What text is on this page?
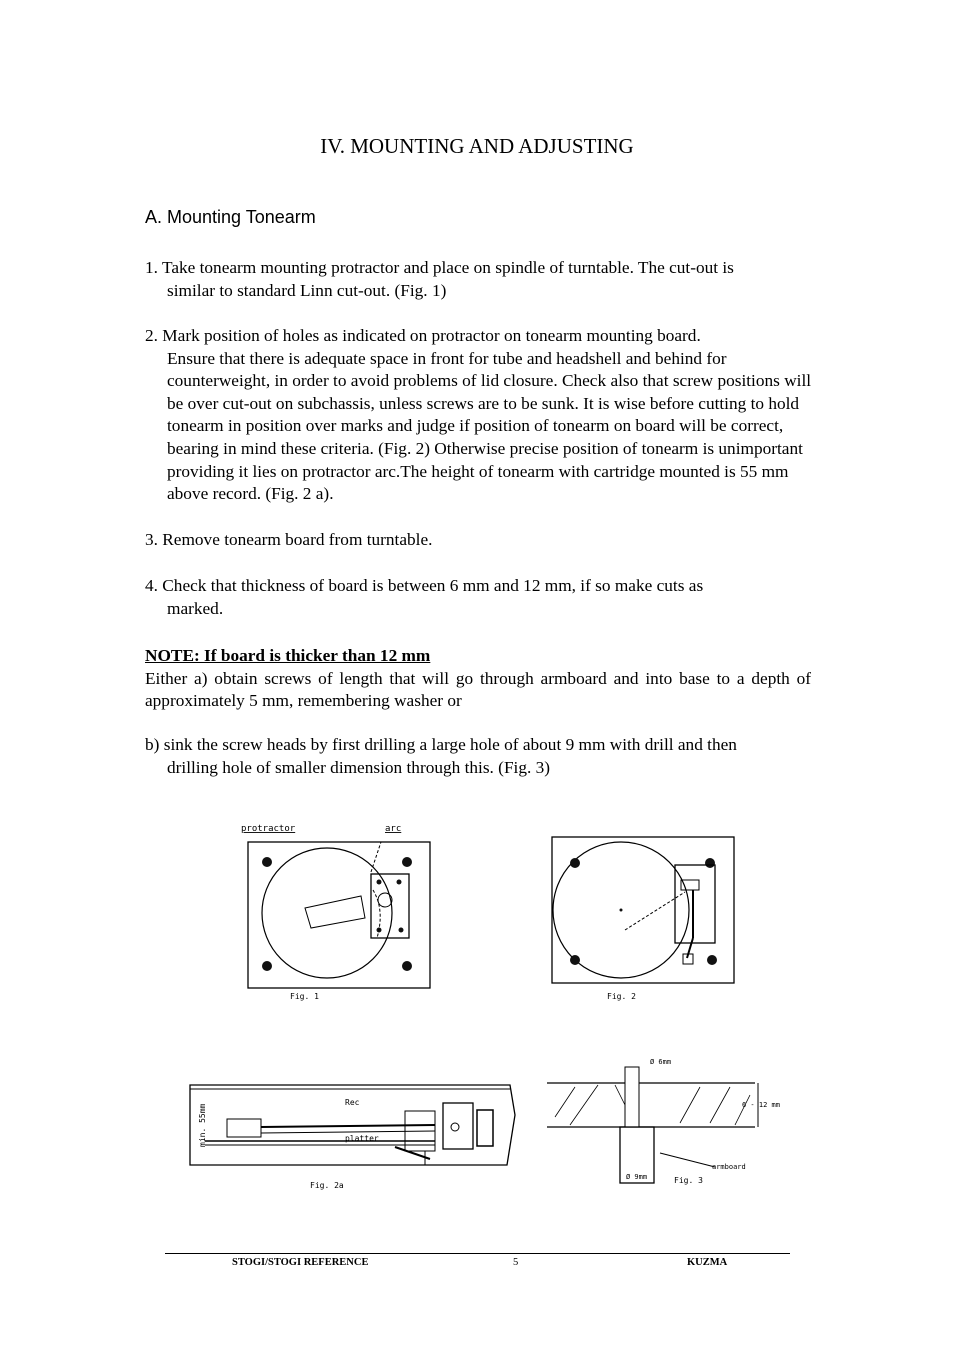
IV. MOUNTING AND ADJUSTING
A. Mounting Tonearm
1. Take tonearm mounting protractor and place on spindle of turntable. The cut-out is
similar to standard Linn cut-out. (Fig. 1)
2. Mark position of holes as indicated on protractor on tonearm mounting board.
Ensure that there is adequate space in front for tube and headshell and behind for counterweight, in order to avoid problems of lid closure. Check also that screw positions will be over cut-out on subchassis, unless screws are to be sunk. It is wise before cutting to hold tonearm in position over marks and judge if position of tonearm on board will be correct, bearing in mind these criteria. (Fig. 2) Otherwise precise position of tonearm is unimportant providing it lies on protractor arc.The height of tonearm with cartridge mounted is 55 mm above record. (Fig. 2 a).
3. Remove tonearm board from turntable.
4. Check that thickness of board is between 6 mm and 12 mm, if so make cuts as
marked.
NOTE: If board is thicker than 12 mm
Either a) obtain screws of length that will go through armboard and into base to a depth of approximately 5 mm, remembering washer or
b) sink the screw heads by first drilling a large hole of about 9 mm with drill and then
drilling hole of smaller dimension through this. (Fig. 3)
protractor	arc
Fig. 1	Fig. 2
min. 55mm
Rec
platter
Fig. 2a
Ø 6mm
6 - 12 mm
armboard
Ø 9mm	Fig. 3
STOGI/STOGI REFERENCE	5	KUZMA
